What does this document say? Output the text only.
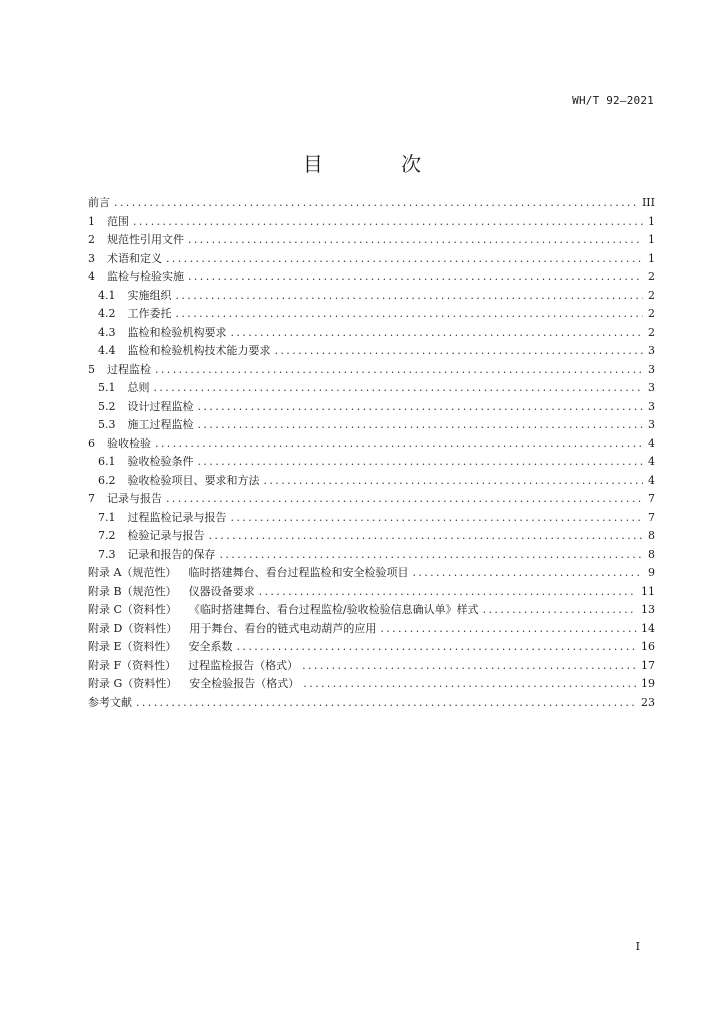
WH/T 92—2021
目 次
前言 .....	III
1 范围 .....	1
2 规范性引用文件 .....	1
3 术语和定义 .....	1
4 监检与检验实施 .....	2
4.1 实施组织 .....	2
4.2 工作委托 .....	2
4.3 监检和检验机构要求 .....	2
4.4 监检和检验机构技术能力要求 .....	3
5 过程监检 .....	3
5.1 总则 .....	3
5.2 设计过程监检 .....	3
5.3 施工过程监检 .....	3
6 验收检验 .....	4
6.1 验收检验条件 .....	4
6.2 验收检验项目、要求和方法 .....	4
7 记录与报告 .....	7
7.1 过程监检记录与报告 .....	7
7.2 检验记录与报告 .....	8
7.3 记录和报告的保存 .....	8
附录 A（规范性） 临时搭建舞台、看台过程监检和安全检验项目 .....	9
附录 B（规范性） 仪器设备要求 .....	11
附录 C（资料性） 《临时搭建舞台、看台过程监检/验收检验信息确认单》样式 .....	13
附录 D（资料性） 用于舞台、看台的链式电动葫芦的应用 .....	14
附录 E（资料性） 安全系数 .....	16
附录 F（资料性） 过程监检报告（格式） .....	17
附录 G（资料性） 安全检验报告（格式） .....	19
参考文献 .....	23
I
